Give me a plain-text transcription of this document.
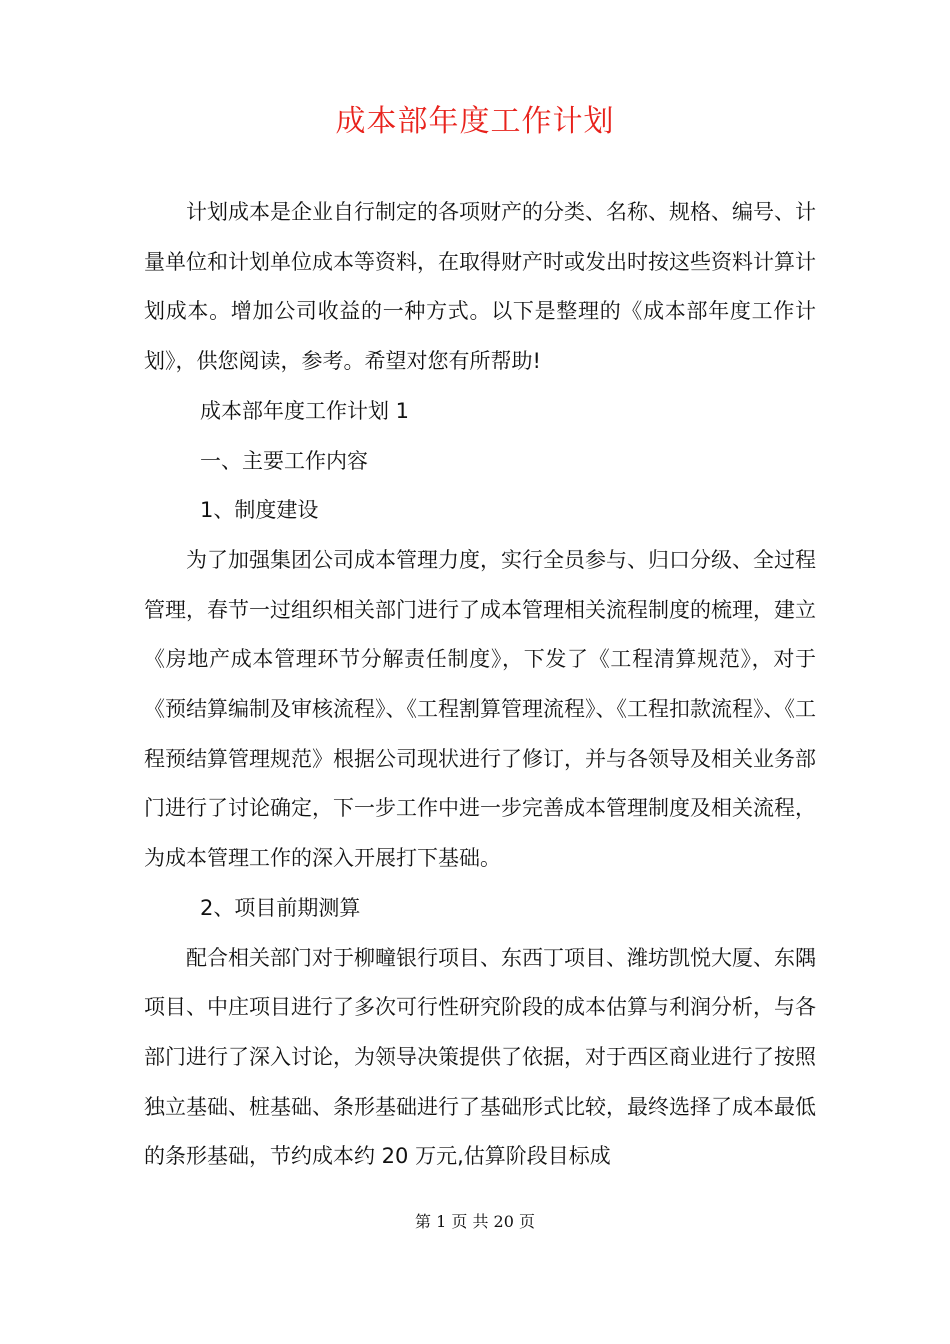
成本部年度工作计划

计划成本是企业自行制定的各项财产的分类、名称、规格、编号、计量单位和计划单位成本等资料，在取得财产时或发出时按这些资料计算计划成本。增加公司收益的一种方式。以下是整理的《成本部年度工作计划》，供您阅读，参考。希望对您有所帮助!

成本部年度工作计划 1

一、主要工作内容

1、制度建设

为了加强集团公司成本管理力度，实行全员参与、归口分级、全过程管理，春节一过组织相关部门进行了成本管理相关流程制度的梳理，建立《房地产成本管理环节分解责任制度》，下发了《工程清算规范》，对于《预结算编制及审核流程》、《工程割算管理流程》、《工程扣款流程》、《工程预结算管理规范》根据公司现状进行了修订，并与各领导及相关业务部门进行了讨论确定，下一步工作中进一步完善成本管理制度及相关流程，为成本管理工作的深入开展打下基础。

2、项目前期测算

配合相关部门对于柳疃银行项目、东西丁项目、潍坊凯悦大厦、东隅项目、中庄项目进行了多次可行性研究阶段的成本估算与利润分析，与各部门进行了深入讨论，为领导决策提供了依据，对于西区商业进行了按照独立基础、桩基础、条形基础进行了基础形式比较，最终选择了成本最低的条形基础，节约成本约 20 万元,估算阶段目标成

第 1 页 共 20 页
